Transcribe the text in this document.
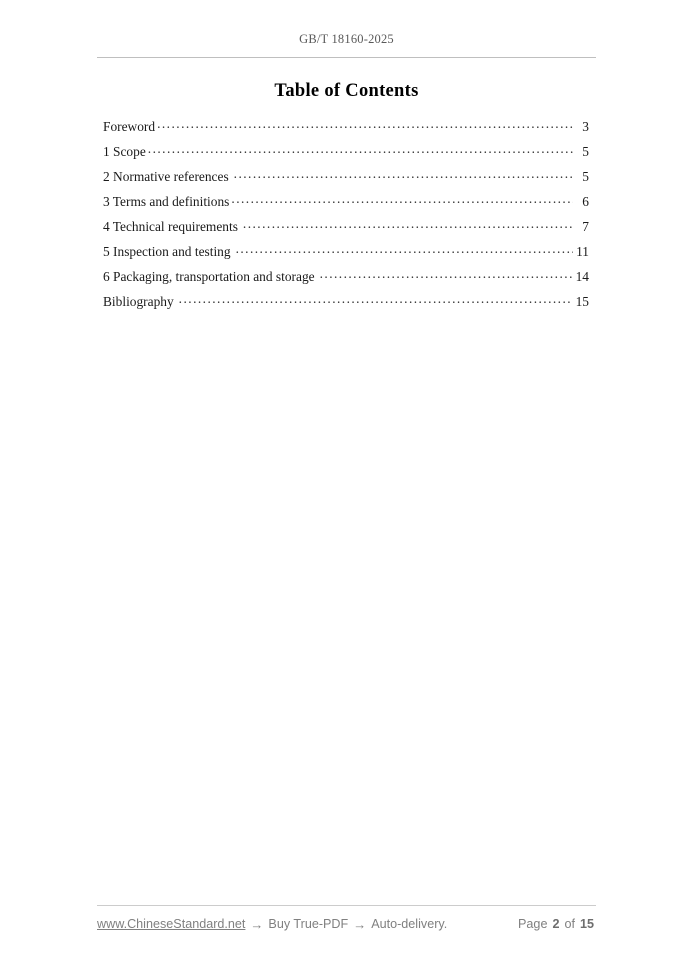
GB/T 18160-2025
Table of Contents
Foreword .....	3
1 Scope .....	5
2 Normative references .....	5
3 Terms and definitions .....	6
4 Technical requirements .....	7
5 Inspection and testing .....	11
6 Packaging, transportation and storage .....	14
Bibliography .....	15
www.ChineseStandard.net → Buy True-PDF → Auto-delivery.	Page 2 of 15
